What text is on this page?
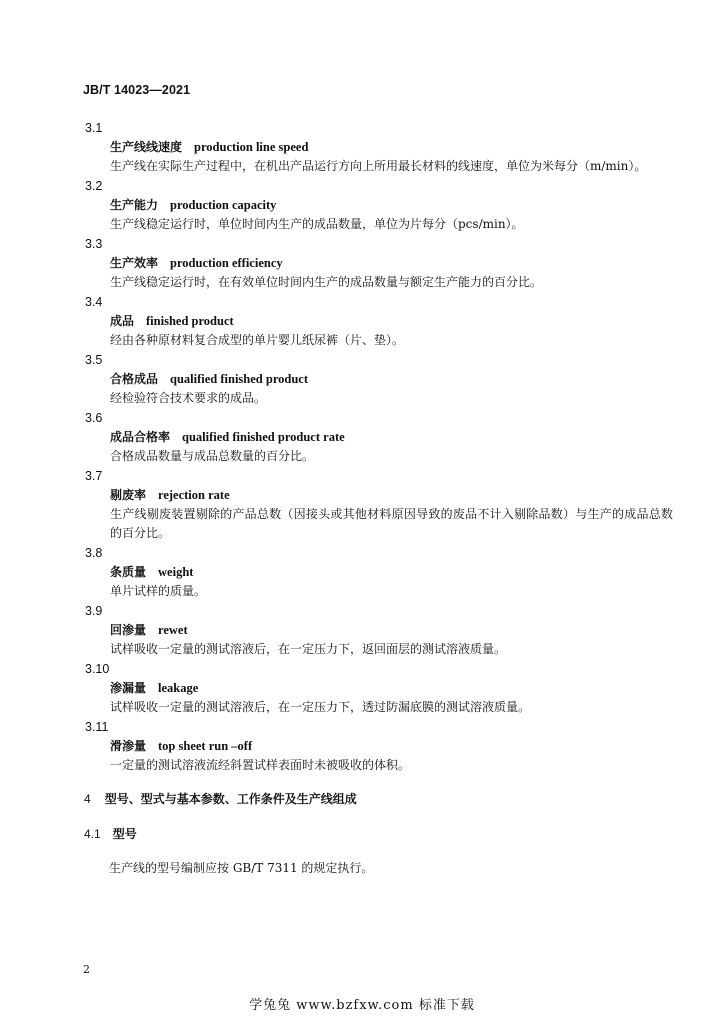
JB/T 14023—2021
3.1
生产线线速度 production line speed
生产线在实际生产过程中，在机出产品运行方向上所用最长材料的线速度，单位为米每分（m/min）。
3.2
生产能力 production capacity
生产线稳定运行时，单位时间内生产的成品数量，单位为片每分（pcs/min）。
3.3
生产效率 production efficiency
生产线稳定运行时，在有效单位时间内生产的成品数量与额定生产能力的百分比。
3.4
成品 finished product
经由各种原材料复合成型的单片婴儿纸尿裤（片、垫）。
3.5
合格成品 qualified finished product
经检验符合技术要求的成品。
3.6
成品合格率 qualified finished product rate
合格成品数量与成品总数量的百分比。
3.7
剔废率 rejection rate
生产线剔废装置剔除的产品总数（因接头或其他材料原因导致的废品不计入剔除品数）与生产的成品总数的百分比。
3.8
条质量 weight
单片试样的质量。
3.9
回渗量 rewet
试样吸收一定量的测试溶液后，在一定压力下，返回面层的测试溶液质量。
3.10
渗漏量 leakage
试样吸收一定量的测试溶液后，在一定压力下，透过防漏底膜的测试溶液质量。
3.11
滑渗量 top sheet run –off
一定量的测试溶液流经斜置试样表面时未被吸收的体积。
4 型号、型式与基本参数、工作条件及生产线组成
4.1 型号
生产线的型号编制应按 GB/T 7311 的规定执行。
2
学兔兔 www.bzfxw.com 标准下载
